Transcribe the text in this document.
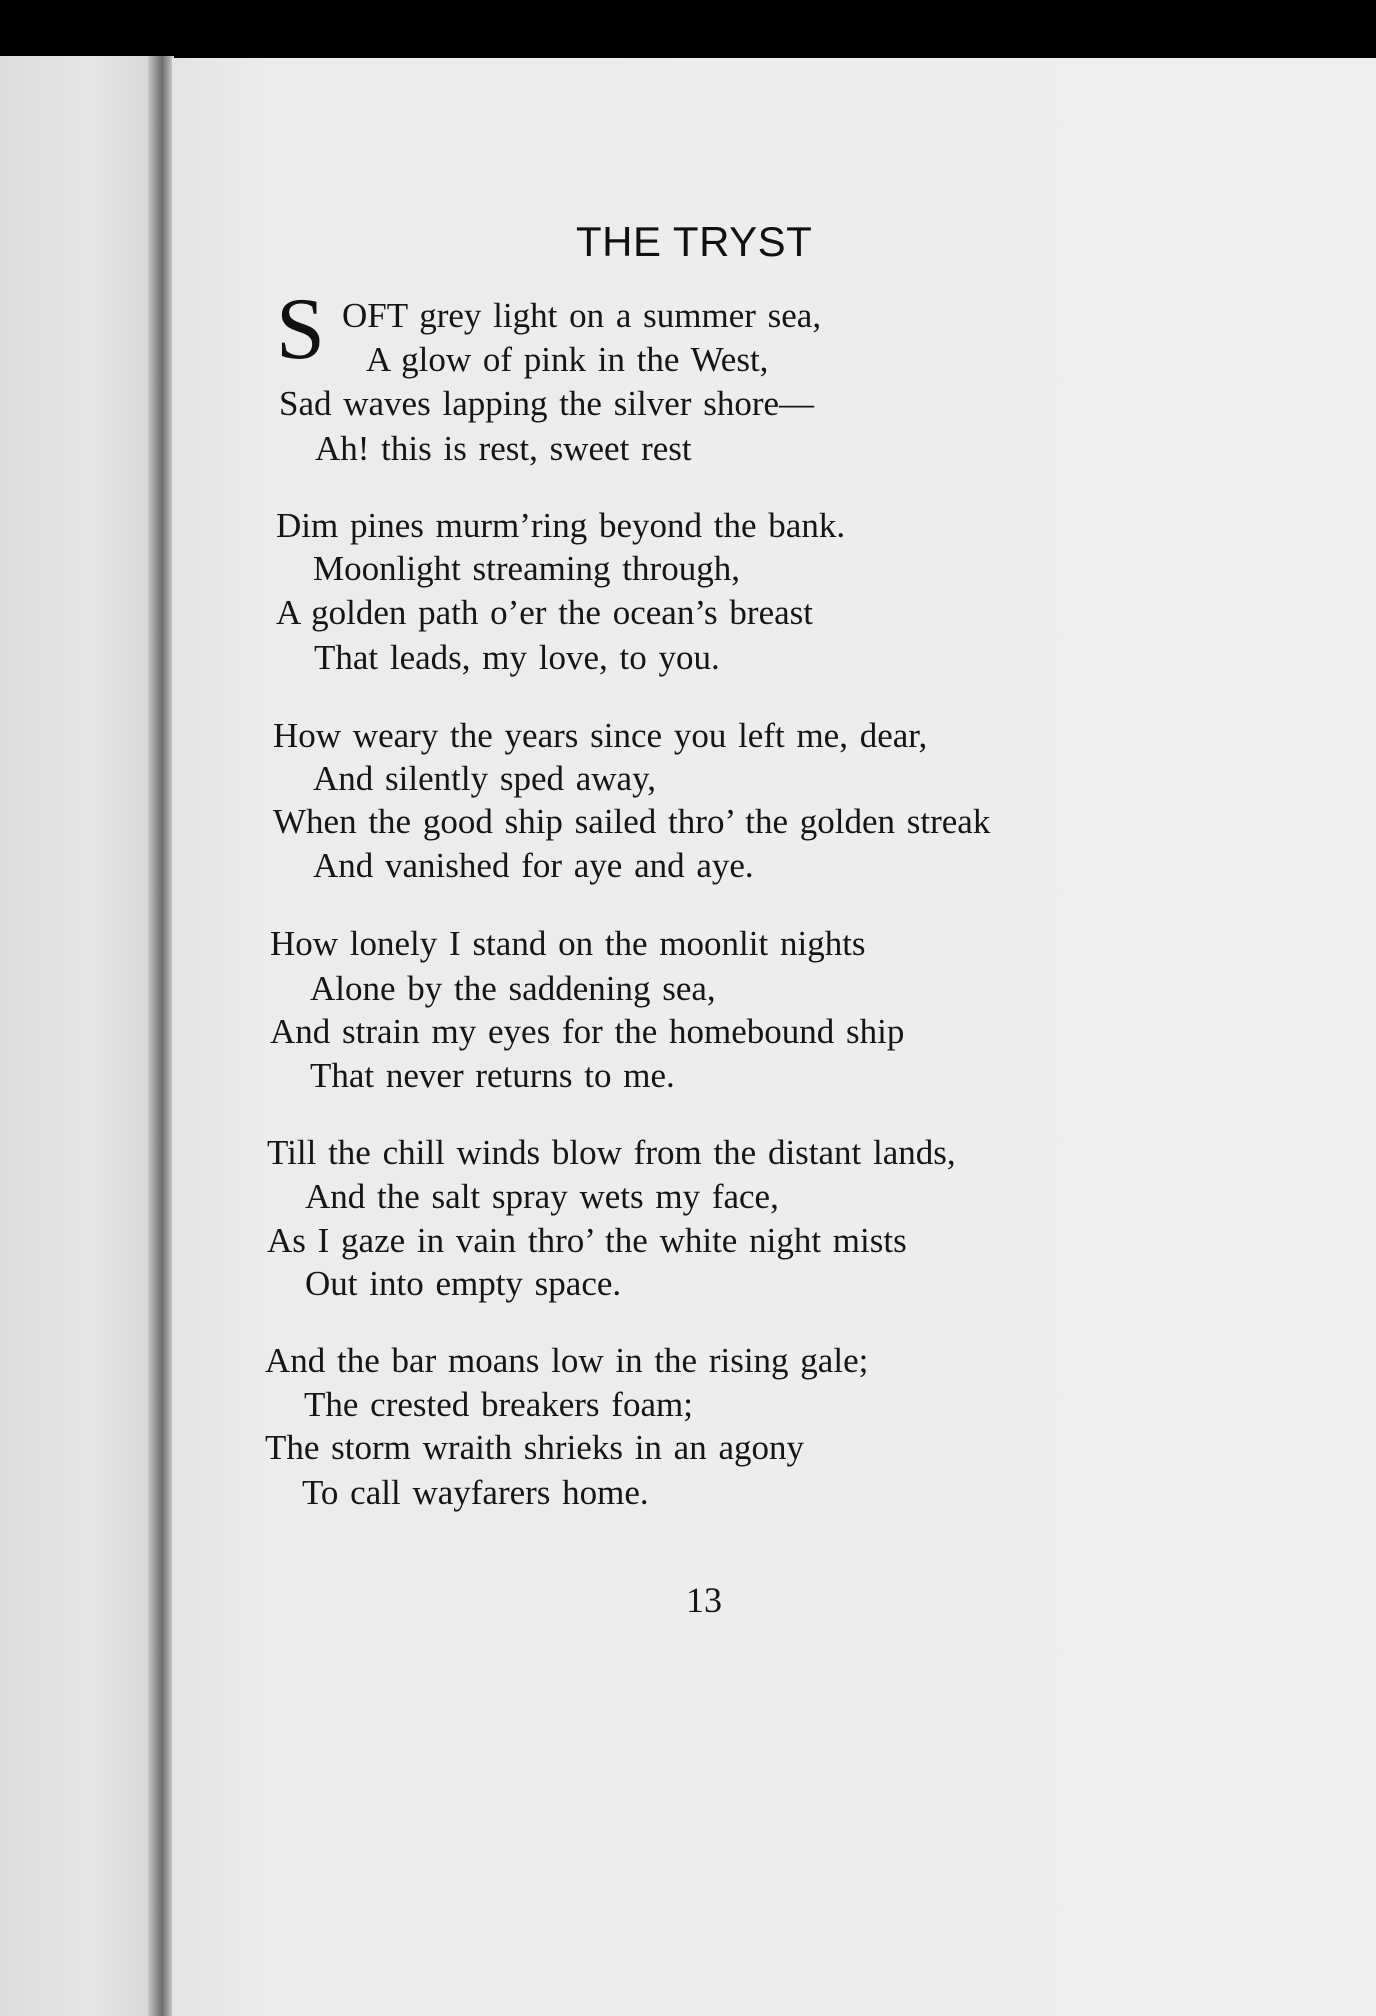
THE TRYST
S OFT grey light on a summer sea,
A glow of pink in the West,
Sad waves lapping the silver shore—
Ah! this is rest, sweet rest
Dim pines murm’ring beyond the bank.
Moonlight streaming through,
A golden path o’er the ocean’s breast
That leads, my love, to you.
How weary the years since you left me, dear,
And silently sped away,
When the good ship sailed thro’ the golden streak
And vanished for aye and aye.
How lonely I stand on the moonlit nights
Alone by the saddening sea,
And strain my eyes for the homebound ship
That never returns to me.
Till the chill winds blow from the distant lands,
And the salt spray wets my face,
As I gaze in vain thro’ the white night mists
Out into empty space.
And the bar moans low in the rising gale;
The crested breakers foam;
The storm wraith shrieks in an agony
To call wayfarers home.
13
